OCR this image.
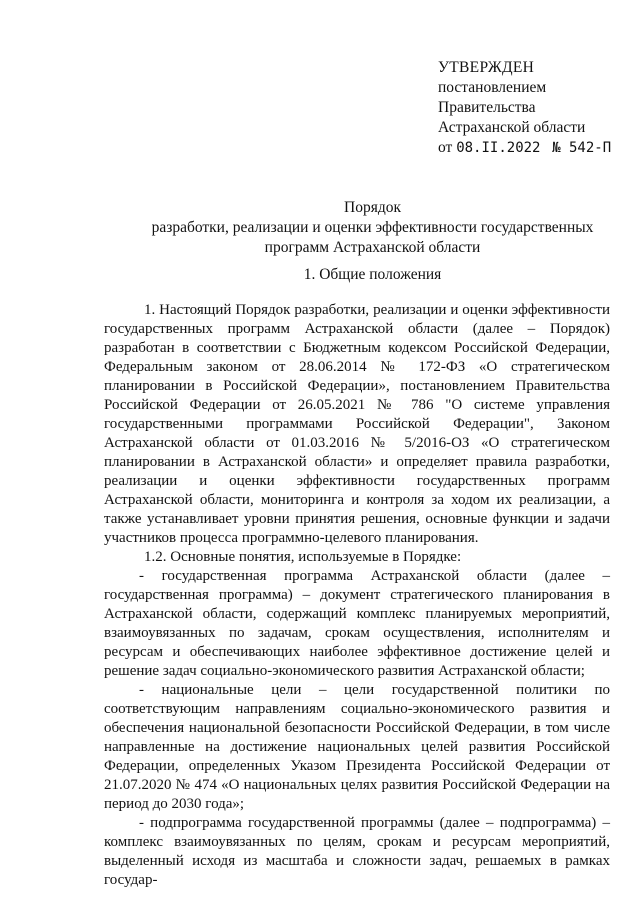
УТВЕРЖДЕН
постановлением
Правительства
Астраханской области
от 08.II.2022 № 542-П
Порядок
разработки, реализации и оценки эффективности государственных программ Астраханской области
1. Общие положения

1. Настоящий Порядок разработки, реализации и оценки эффективности государственных программ Астраханской области (далее – Порядок) разработан в соответствии с Бюджетным кодексом Российской Федерации, Федеральным законом от 28.06.2014 № 172-ФЗ «О стратегическом планировании в Российской Федерации», постановлением Правительства Российской Федерации от 26.05.2021 № 786 "О системе управления государственными программами Российской Федерации", Законом Астраханской области от 01.03.2016 № 5/2016-ОЗ «О стратегическом планировании в Астраханской области» и определяет правила разработки, реализации и оценки эффективности государственных программ Астраханской области, мониторинга и контроля за ходом их реализации, а также устанавливает уровни принятия решения, основные функции и задачи участников процесса программно-целевого планирования.

1.2. Основные понятия, используемые в Порядке:

- государственная программа Астраханской области (далее – государственная программа) – документ стратегического планирования в Астраханской области, содержащий комплекс планируемых мероприятий, взаимоувязанных по задачам, срокам осуществления, исполнителям и ресурсам и обеспечивающих наиболее эффективное достижение целей и решение задач социально-экономического развития Астраханской области;

- национальные цели – цели государственной политики по соответствующим направлениям социально-экономического развития и обеспечения национальной безопасности Российской Федерации, в том числе направленные на достижение национальных целей развития Российской Федерации, определенных Указом Президента Российской Федерации от 21.07.2020 № 474 «О национальных целях развития Российской Федерации на период до 2030 года»;

- подпрограмма государственной программы (далее – подпрограмма) – комплекс взаимоувязанных по целям, срокам и ресурсам мероприятий, выделенный исходя из масштаба и сложности задач, решаемых в рамках государ-
